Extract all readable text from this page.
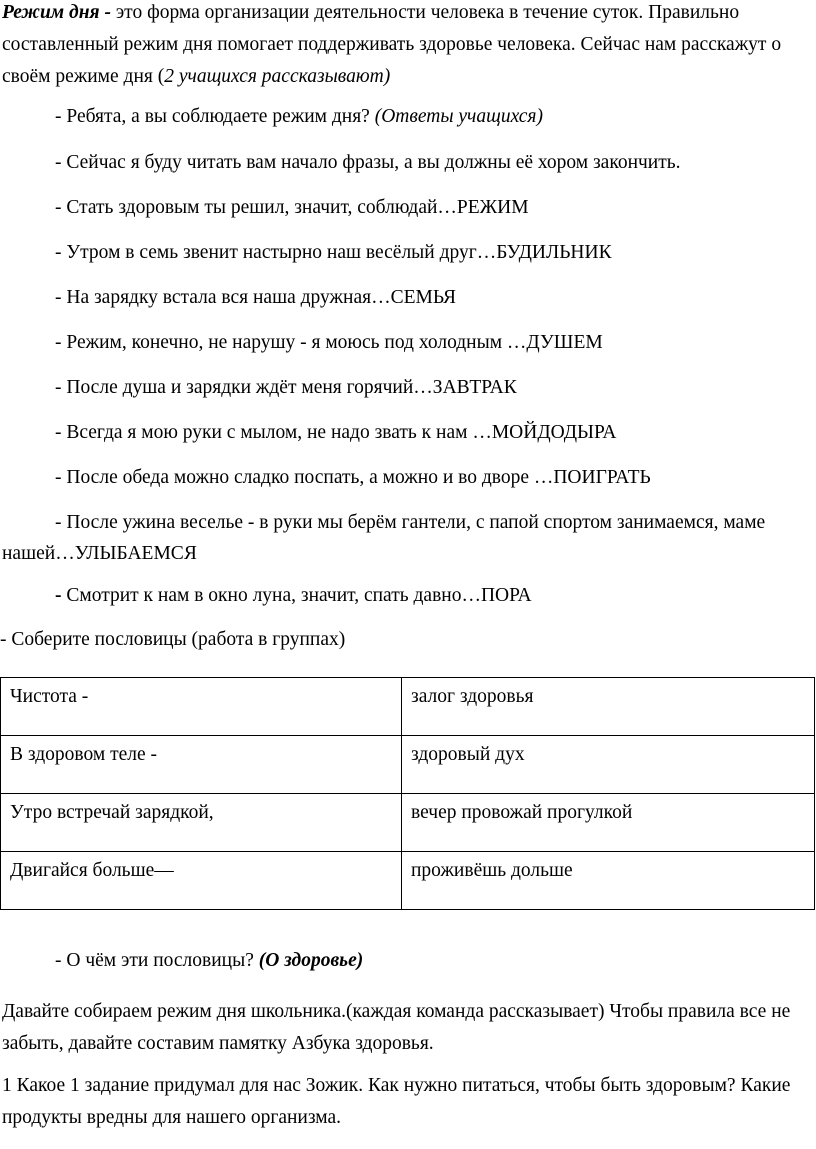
Режим дня - это форма организации деятельности человека в течение суток. Правильно составленный режим дня помогает поддерживать здоровье человека. Сейчас нам расскажут о своём режиме дня (2 учащихся рассказывают)

- Ребята, а вы соблюдаете режим дня? (Ответы учащихся)

- Сейчас я буду читать вам начало фразы, а вы должны её хором закончить.

- Стать здоровым ты решил, значит, соблюдай…РЕЖИМ

- Утром в семь звенит настырно наш весёлый друг…БУДИЛЬНИК

- На зарядку встала вся наша дружная…СЕМЬЯ

- Режим, конечно, не нарушу - я моюсь под холодным …ДУШЕМ

- После душа и зарядки ждёт меня горячий…ЗАВТРАК

- Всегда я мою руки с мылом, не надо звать к нам …МОЙДОДЫРА

- После обеда можно сладко поспать, а можно и во дворе …ПОИГРАТЬ

- После ужина веселье - в руки мы берём гантели, с папой спортом занимаемся, маме нашей…УЛЫБАЕМСЯ

- Смотрит к нам в окно луна, значит, спать давно…ПОРА

- Соберите пословицы (работа в группах)

Чистота -	залог здоровья
В здоровом теле -	здоровый дух
Утро встречай зарядкой,	вечер провожай прогулкой
Двигайся больше—	проживёшь дольше

- О чём эти пословицы? (О здоровье)

Давайте собираем режим дня школьника.(каждая команда рассказывает) Чтобы правила все не забыть, давайте составим памятку Азбука здоровья.

1 Какое 1 задание придумал для нас Зожик. Как нужно питаться, чтобы быть здоровым? Какие продукты вредны для нашего организма.
